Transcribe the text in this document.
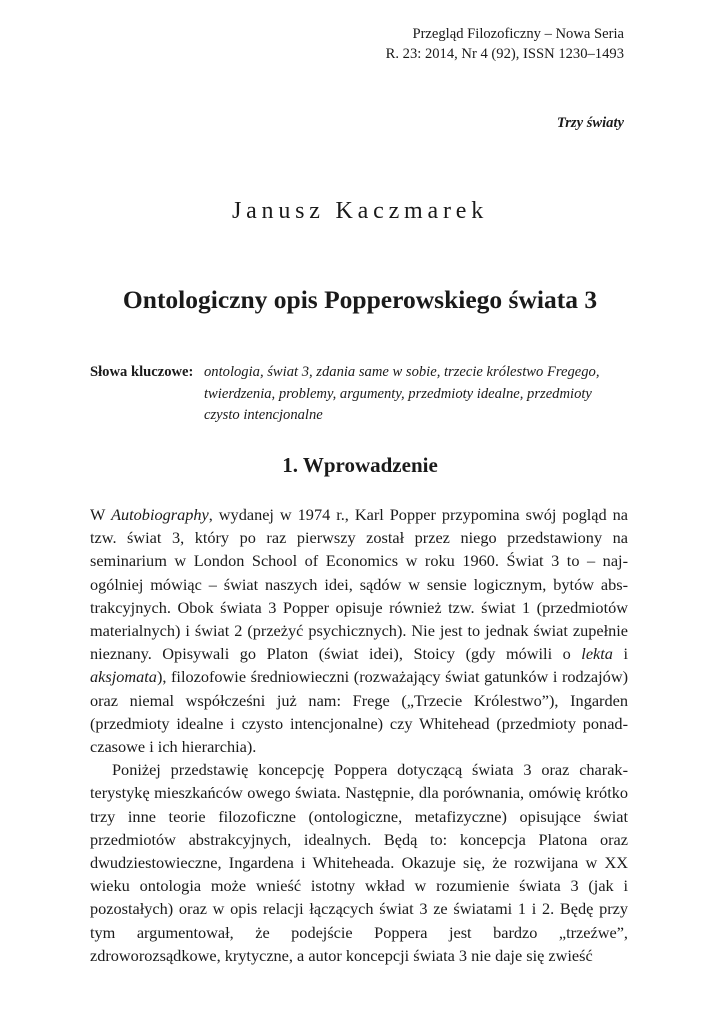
Przegląd Filozoficzny – Nowa Seria
R. 23: 2014, Nr 4 (92), ISSN 1230–1493
Trzy światy
Janusz Kaczmarek
Ontologiczny opis Popperowskiego świata 3
Słowa kluczowe: ontologia, świat 3, zdania same w sobie, trzecie królestwo Fregego, twierdzenia, problemy, argumenty, przedmioty idealne, przedmioty czysto intencjonalne
1. Wprowadzenie

W Autobiography, wydanej w 1974 r., Karl Popper przypomina swój pogląd na tzw. świat 3, który po raz pierwszy został przez niego przedstawiony na seminarium w London School of Economics w roku 1960. Świat 3 to – najogólniej mówiąc – świat naszych idei, sądów w sensie logicznym, bytów abstrakcyjnych. Obok świata 3 Popper opisuje również tzw. świat 1 (przedmiotów materialnych) i świat 2 (przeżyć psychicznych). Nie jest to jednak świat zupełnie nieznany. Opisywali go Platon (świat idei), Stoicy (gdy mówili o lekta i aksjomata), filozofowie średniowieczni (rozważający świat gatunków i rodzajów) oraz niemal współcześni już nam: Frege („Trzecie Królestwo”), Ingarden (przedmioty idealne i czysto intencjonalne) czy Whitehead (przedmioty ponadczasowe i ich hierarchia).

Poniżej przedstawię koncepcję Poppera dotyczącą świata 3 oraz charakterystykę mieszkańców owego świata. Następnie, dla porównania, omówię krótko trzy inne teorie filozoficzne (ontologiczne, metafizyczne) opisujące świat przedmiotów abstrakcyjnych, idealnych. Będą to: koncepcja Platona oraz dwudziestowieczne, Ingardena i Whiteheada. Okazuje się, że rozwijana w XX wieku ontologia może wnieść istotny wkład w rozumienie świata 3 (jak i pozostałych) oraz w opis relacji łączących świat 3 ze światami 1 i 2. Będę przy tym argumentował, że podejście Poppera jest bardzo „trzeźwe”, zdroworozsądkowe, krytyczne, a autor koncepcji świata 3 nie daje się zwieść
